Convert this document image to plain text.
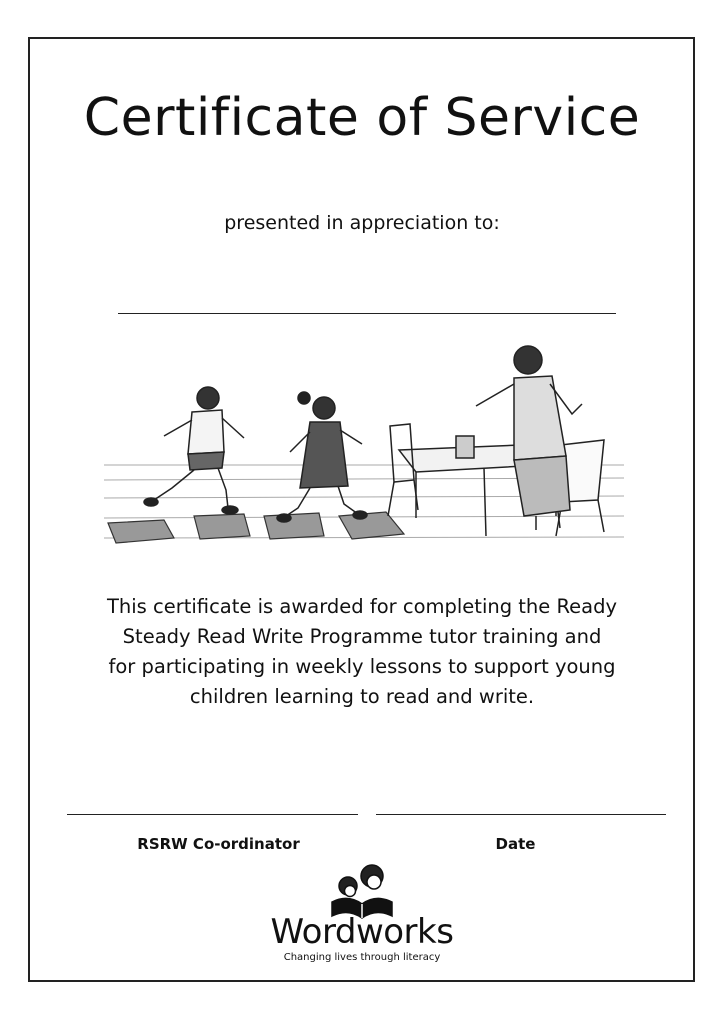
Certificate of Service
presented in appreciation to:
This certificate is awarded for completing the Ready
Steady Read Write Programme tutor training and
for participating in weekly lessons to support young
children learning to read and write.
RSRW Co-ordinator	Date
Wordworks
Changing lives through literacy
